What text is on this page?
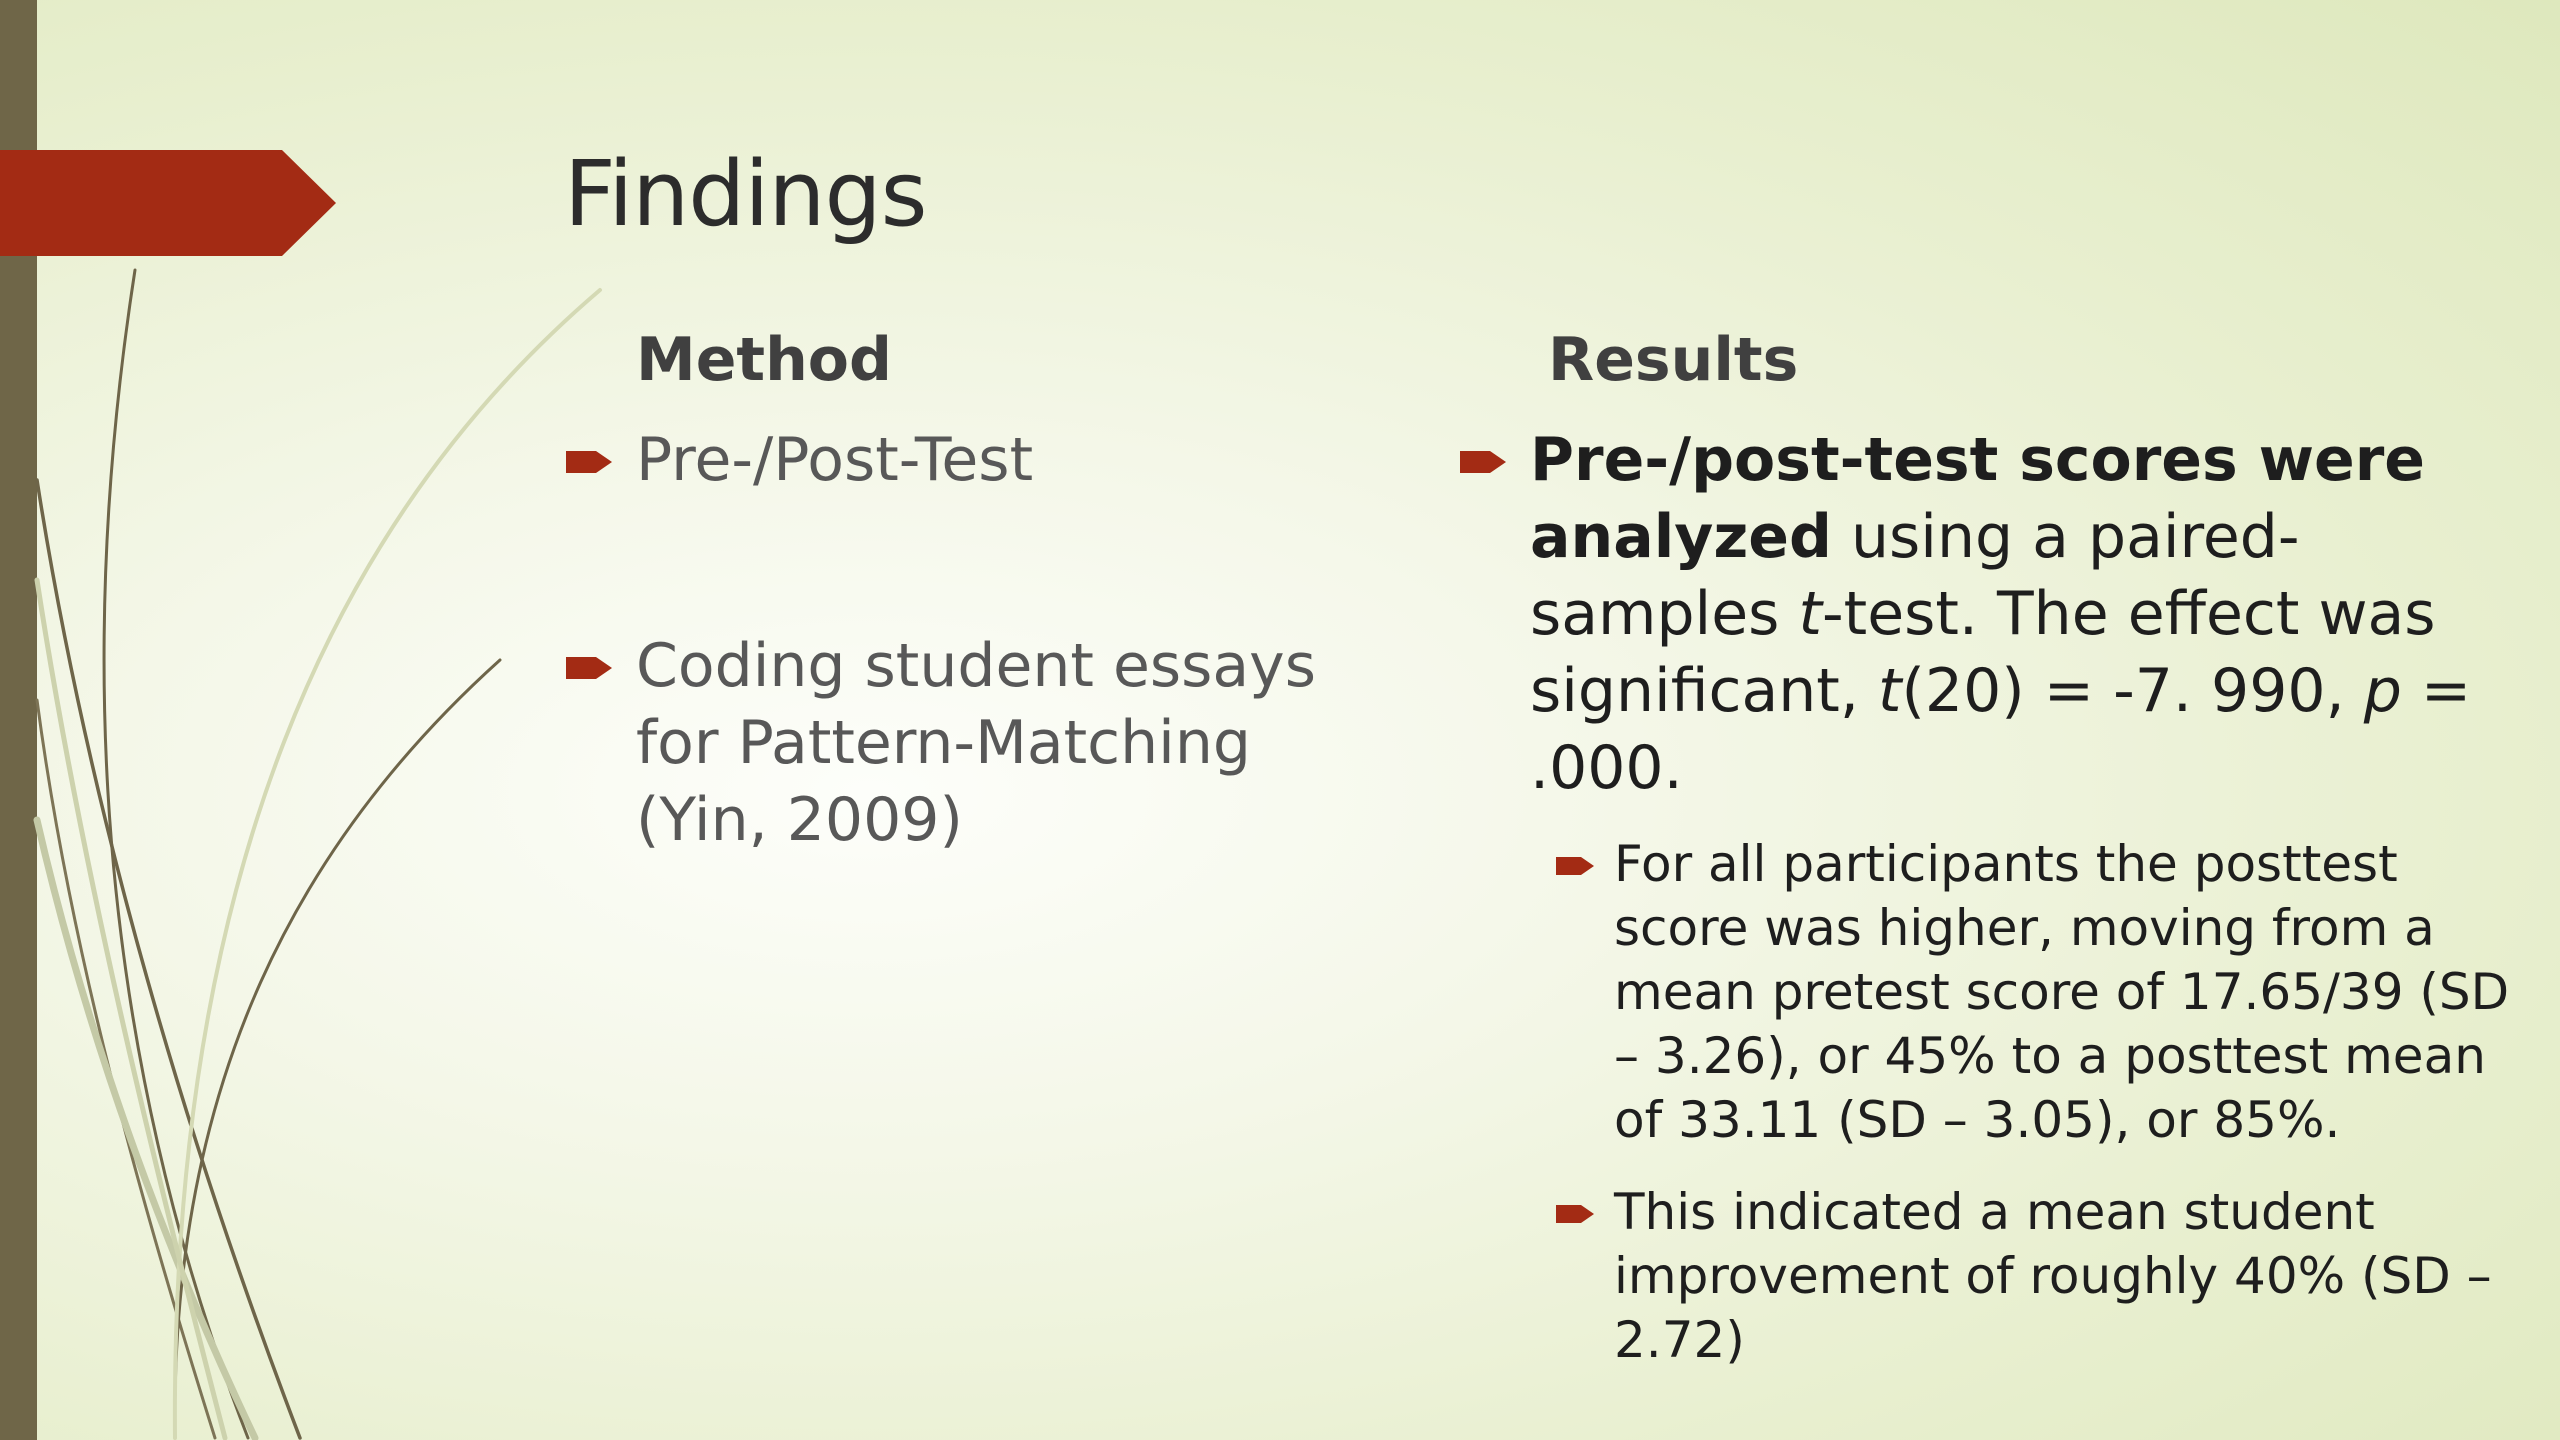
Findings
Method
Pre-/Post-Test
Coding student essays
for Pattern-Matching
(Yin, 2009)
Results
Pre-/post-test scores were
analyzed using a paired-
samples t-test. The effect was
significant, t(20) = -7. 990, p =
.000.
For all participants the posttest
score was higher, moving from a
mean pretest score of 17.65/39 (SD
– 3.26), or 45% to a posttest mean
of 33.11 (SD – 3.05), or 85%.
This indicated a mean student
improvement of roughly 40% (SD –
2.72)
